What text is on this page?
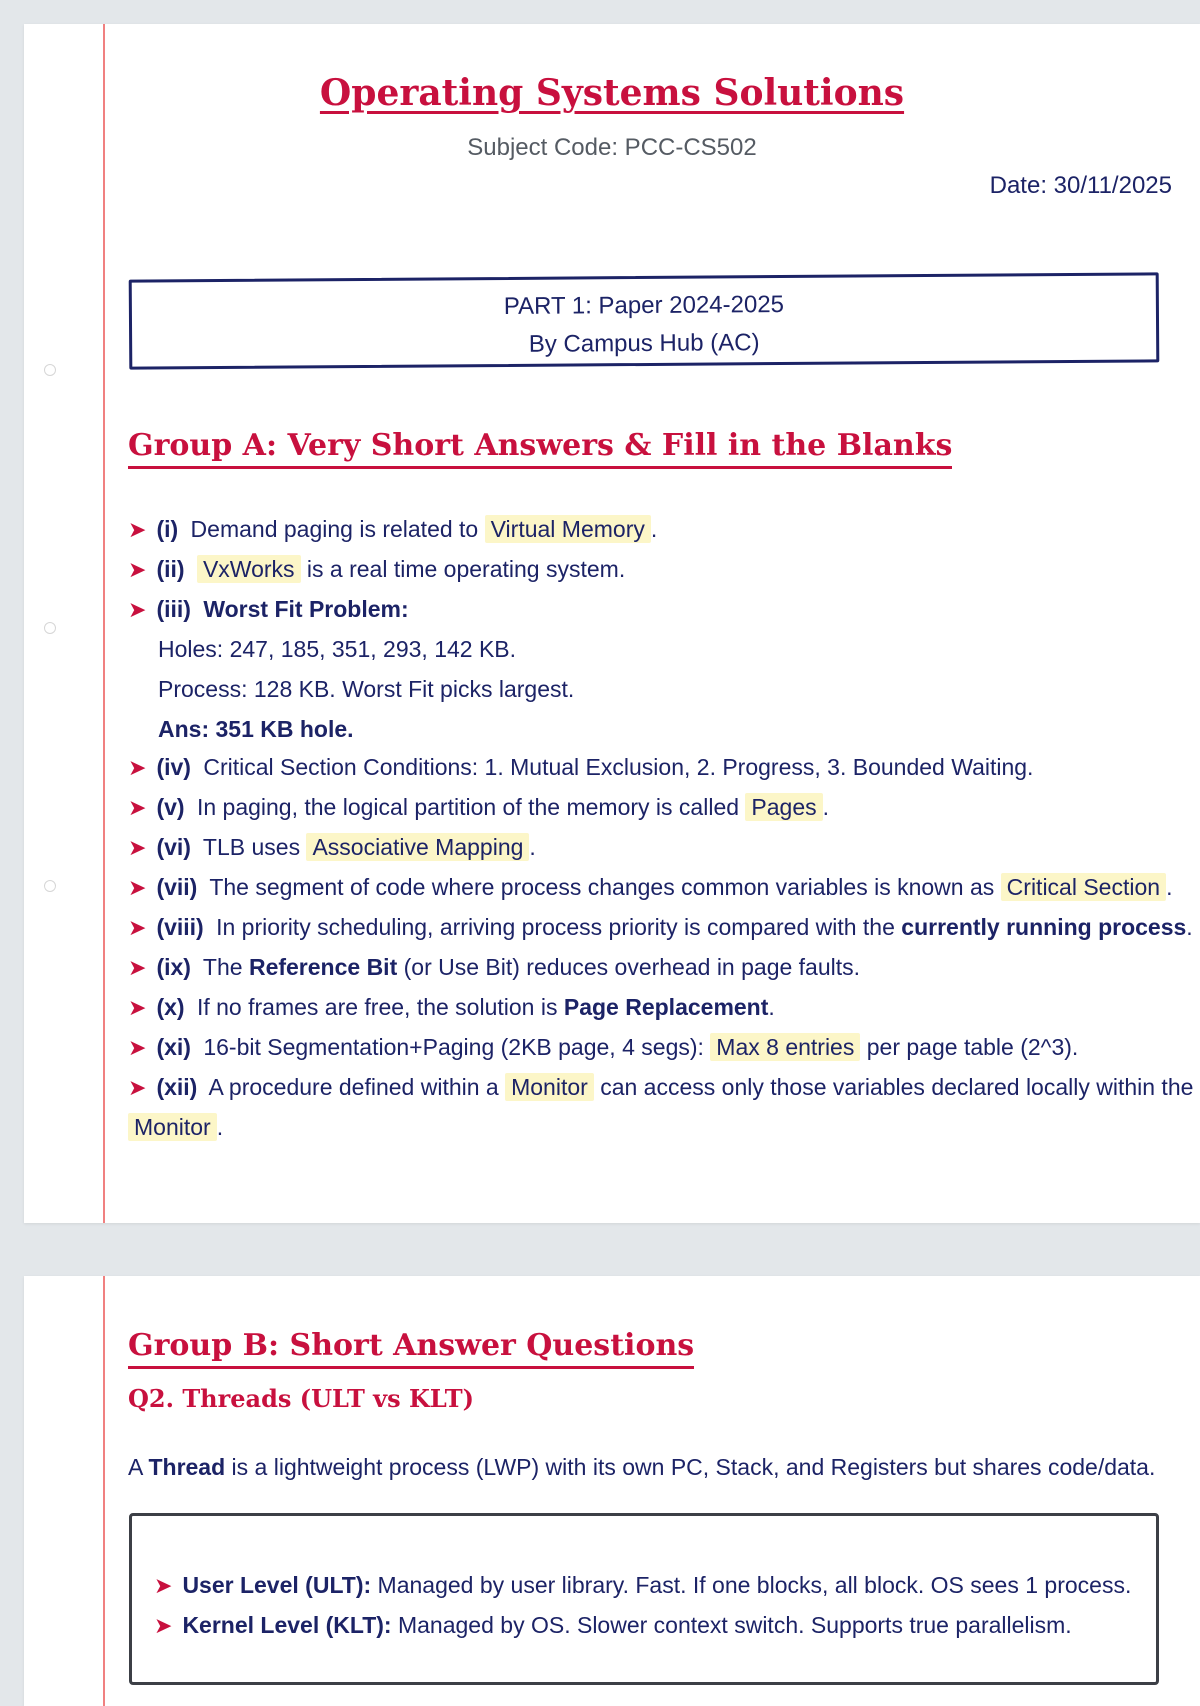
Operating Systems Solutions
Subject Code: PCC-CS502
Date: 30/11/2025
PART 1: Paper 2024-2025
By Campus Hub (AC)
Group A: Very Short Answers & Fill in the Blanks
➤ (i) Demand paging is related to Virtual Memory .
➤ (ii) VxWorks is a real time operating system.
➤ (iii) Worst Fit Problem:
Holes: 247, 185, 351, 293, 142 KB.
Process: 128 KB. Worst Fit picks largest.
Ans: 351 KB hole.
➤ (iv) Critical Section Conditions: 1. Mutual Exclusion, 2. Progress, 3. Bounded Waiting.
➤ (v) In paging, the logical partition of the memory is called Pages .
➤ (vi) TLB uses Associative Mapping .
➤ (vii) The segment of code where process changes common variables is known as Critical Section .
➤ (viii) In priority scheduling, arriving process priority is compared with the currently running process.
➤ (ix) The Reference Bit (or Use Bit) reduces overhead in page faults.
➤ (x) If no frames are free, the solution is Page Replacement.
➤ (xi) 16-bit Segmentation+Paging (2KB page, 4 segs): Max 8 entries per page table (2^3).
➤ (xii) A procedure defined within a Monitor can access only those variables declared locally within the
Monitor .
Group B: Short Answer Questions
Q2. Threads (ULT vs KLT)
A Thread is a lightweight process (LWP) with its own PC, Stack, and Registers but shares code/data.
➤ User Level (ULT): Managed by user library. Fast. If one blocks, all block. OS sees 1 process.
➤ Kernel Level (KLT): Managed by OS. Slower context switch. Supports true parallelism.
